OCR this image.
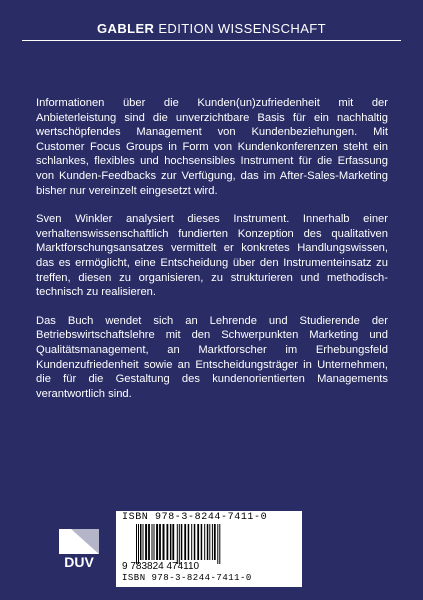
GABLER EDITION WISSENSCHAFT

Informationen über die Kunden(un)zufriedenheit mit der Anbieterleistung sind die unverzichtbare Basis für ein nachhaltig wertschöpfendes Management von Kundenbeziehungen. Mit Customer Focus Groups in Form von Kundenkonferenzen steht ein schlankes, flexibles und hochsensibles Instrument für die Erfassung von Kunden-Feedbacks zur Verfügung, das im After-Sales-Marketing bisher nur vereinzelt eingesetzt wird.

Sven Winkler analysiert dieses Instrument. Innerhalb einer verhaltenswissenschaftlich fundierten Konzeption des qualitativen Marktforschungsansatzes vermittelt er konkretes Handlungswissen, das es ermöglicht, eine Entscheidung über den Instrumenteinsatz zu treffen, diesen zu organisieren, zu strukturieren und methodisch-technisch zu realisieren.

Das Buch wendet sich an Lehrende und Studierende der Betriebswirtschaftslehre mit den Schwerpunkten Marketing und Qualitätsmanagement, an Marktforscher im Erhebungsfeld Kundenzufriedenheit sowie an Entscheidungsträger in Unternehmen, die für die Gestaltung des kundenorientierten Managements verantwortlich sind.

DUV
ISBN 978-3-8244-7411-0
9 783824 474110
ISBN 978-3-8244-7411-0
